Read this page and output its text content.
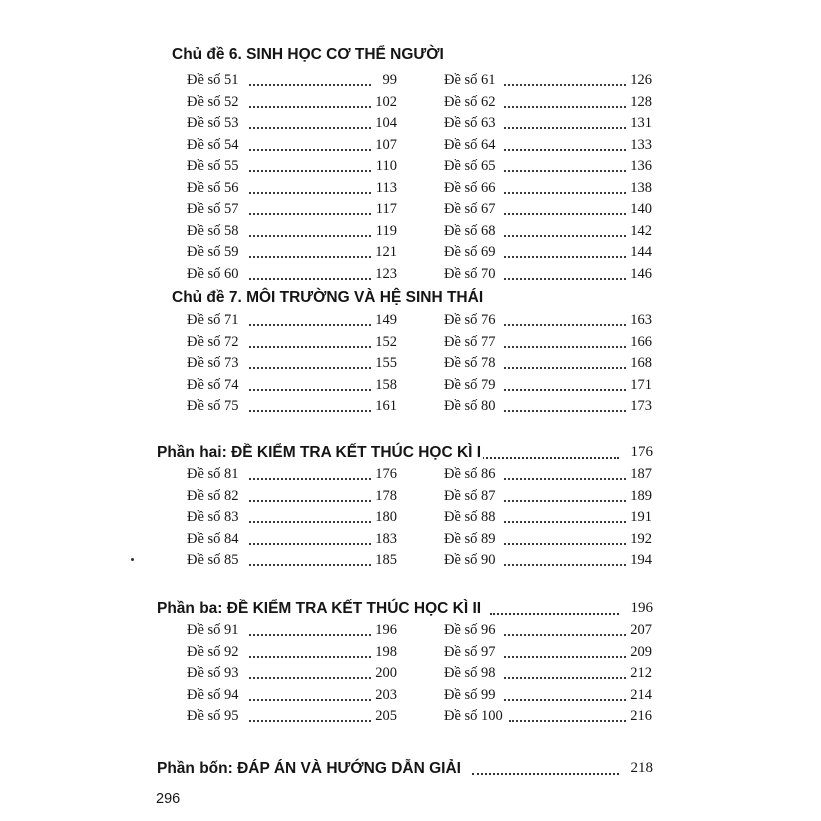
Chủ đề 6. SINH HỌC CƠ THỂ NGƯỜI
Đề số 51	99
Đề số 52	102
Đề số 53	104
Đề số 54	107
Đề số 55	110
Đề số 56	113
Đề số 57	117
Đề số 58	119
Đề số 59	121
Đề số 60	123
Đề số 61	126
Đề số 62	128
Đề số 63	131
Đề số 64	133
Đề số 65	136
Đề số 66	138
Đề số 67	140
Đề số 68	142
Đề số 69	144
Đề số 70	146
Chủ đề 7. MÔI TRƯỜNG VÀ HỆ SINH THÁI
Đề số 71	149
Đề số 72	152
Đề số 73	155
Đề số 74	158
Đề số 75	161
Đề số 76	163
Đề số 77	166
Đề số 78	168
Đề số 79	171
Đề số 80	173
Phần hai: ĐỀ KIỂM TRA KẾT THÚC HỌC KÌ I	176
Đề số 81	176
Đề số 82	178
Đề số 83	180
Đề số 84	183
Đề số 85	185
Đề số 86	187
Đề số 87	189
Đề số 88	191
Đề số 89	192
Đề số 90	194
Phần ba: ĐỀ KIỂM TRA KẾT THÚC HỌC KÌ II	196
Đề số 91	196
Đề số 92	198
Đề số 93	200
Đề số 94	203
Đề số 95	205
Đề số 96	207
Đề số 97	209
Đề số 98	212
Đề số 99	214
Đề số 100	216
Phần bốn: ĐÁP ÁN VÀ HƯỚNG DẪN GIẢI	218
296
